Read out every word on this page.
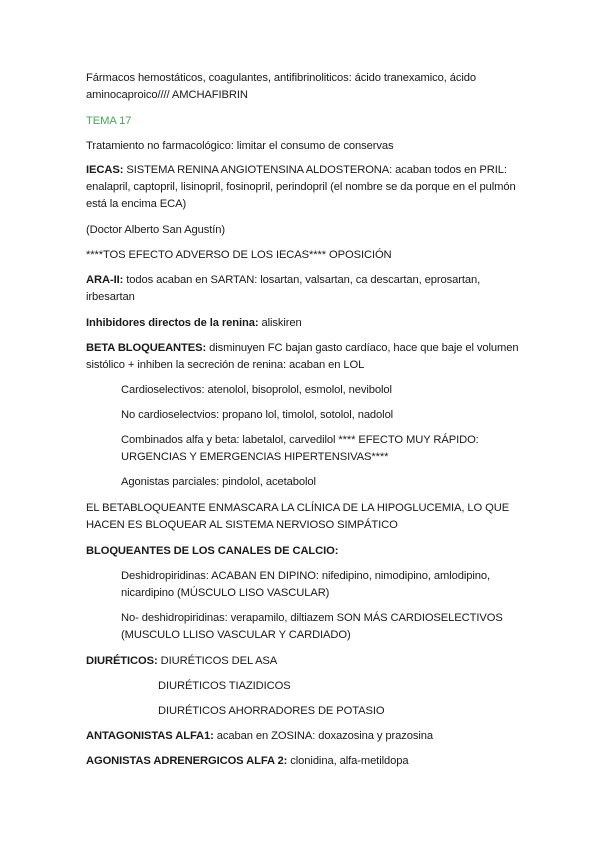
Fármacos hemostáticos, coagulantes, antifibrinoliticos: ácido tranexamico, ácido aminocaproico//// AMCHAFIBRIN

TEMA 17

Tratamiento no farmacológico: limitar el consumo de conservas

IECAS: SISTEMA RENINA ANGIOTENSINA ALDOSTERONA: acaban todos en PRIL: enalapril, captopril, lisinopril, fosinopril, perindopril (el nombre se da porque en el pulmón está la encima ECA)

(Doctor Alberto San Agustín)

****TOS EFECTO ADVERSO DE LOS IECAS**** OPOSICIÓN

ARA-II: todos acaban en SARTAN: losartan, valsartan, ca descartan, eprosartan, irbesartan

Inhibidores directos de la renina: aliskiren

BETA BLOQUEANTES: disminuyen FC bajan gasto cardíaco, hace que baje el volumen sistólico + inhiben la secreción de renina: acaban en LOL

Cardioselectivos: atenolol, bisoprolol, esmolol, nevibolol

No cardioselectvios: propano lol, timolol, sotolol, nadolol

Combinados alfa y beta: labetalol, carvedilol **** EFECTO MUY RÁPIDO: URGENCIAS Y EMERGENCIAS HIPERTENSIVAS****

Agonistas parciales: pindolol, acetabolol

EL BETABLOQUEANTE ENMASCARA LA CLÍNICA DE LA HIPOGLUCEMIA, LO QUE HACEN ES BLOQUEAR AL SISTEMA NERVIOSO SIMPÁTICO

BLOQUEANTES DE LOS CANALES DE CALCIO:

Deshidropiridinas: ACABAN EN DIPINO: nifedipino, nimodipino, amlodipino, nicardipino (MÚSCULO LISO VASCULAR)

No- deshidropiridinas: verapamilo, diltiazem SON MÁS CARDIOSELECTIVOS (MUSCULO LLISO VASCULAR Y CARDIADO)

DIURÉTICOS: DIURÉTICOS DEL ASA

DIURÉTICOS TIAZIDICOS

DIURÉTICOS AHORRADORES DE POTASIO

ANTAGONISTAS ALFA1: acaban en ZOSINA: doxazosina y prazosina

AGONISTAS ADRENERGICOS ALFA 2: clonidina, alfa-metildopa
